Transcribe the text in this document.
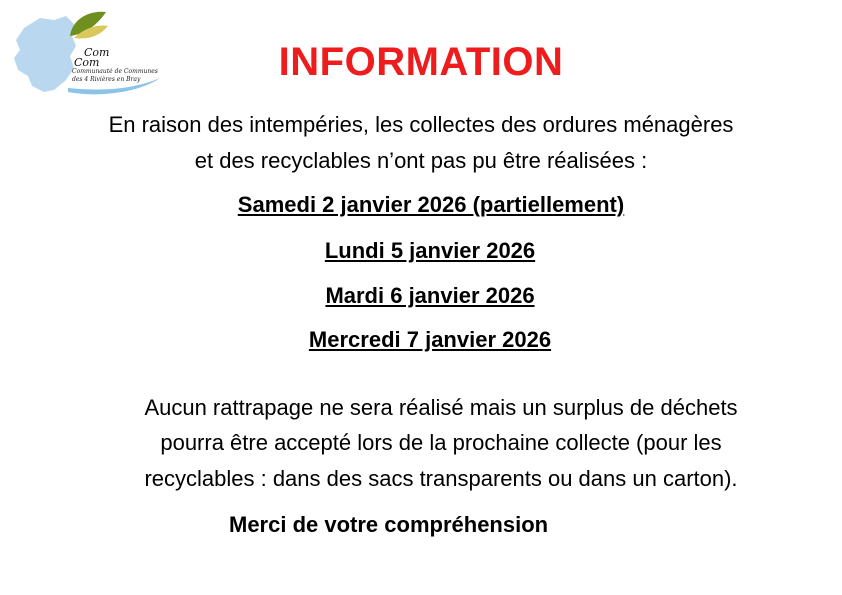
Com
Com
Communauté de Communes
des 4 Rivières en Bray	INFORMATION
En raison des intempéries, les collectes des ordures ménagères
et des recyclables n’ont pas pu être réalisées :
Samedi 2 janvier 2026 (partiellement)
Lundi 5 janvier 2026
Mardi 6 janvier 2026
Mercredi 7 janvier 2026
Aucun rattrapage ne sera réalisé mais un surplus de déchets
pourra être accepté lors de la prochaine collecte (pour les
recyclables : dans des sacs transparents ou dans un carton).
Merci de votre compréhension
